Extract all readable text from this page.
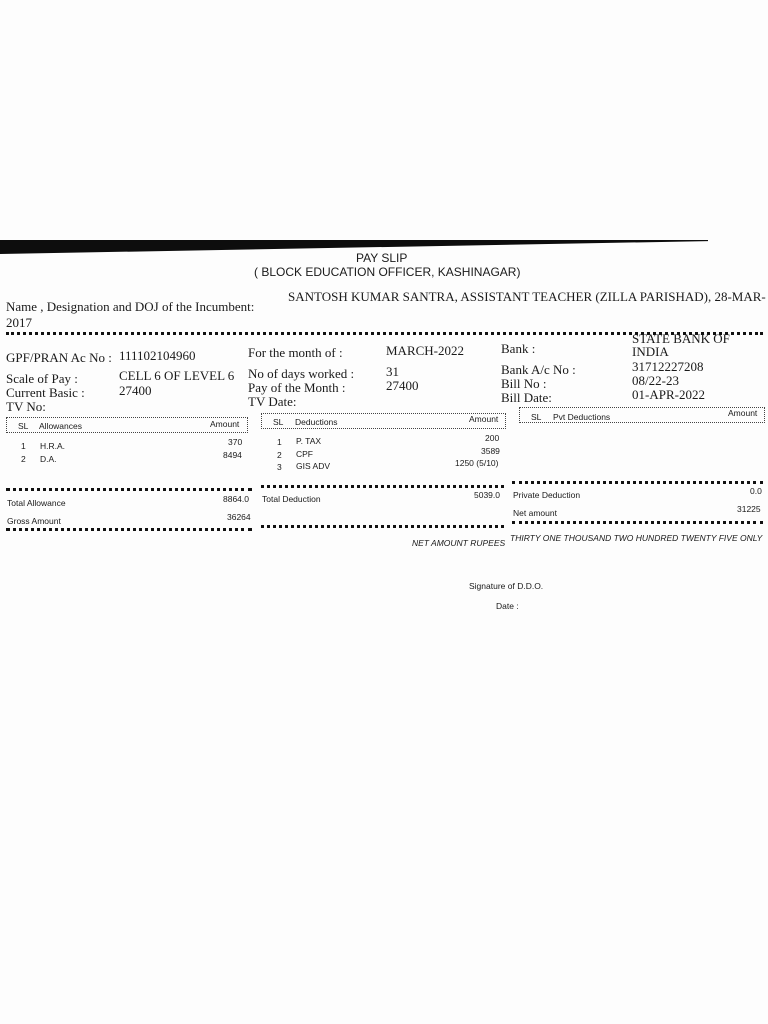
PAY SLIP
( BLOCK EDUCATION OFFICER, KASHINAGAR)
Name , Designation and DOJ of the Incumbent:
SANTOSH KUMAR SANTRA, ASSISTANT TEACHER (ZILLA PARISHAD), 28-MAR-
2017
GPF/PRAN Ac No : 111102104960
Scale of Pay :	CELL 6 OF LEVEL 6
Current Basic :	27400
TV No:
For the month of :	MARCH-2022
No of days worked : 31
Pay of the Month :	27400
TV Date:
Bank :
STATE BANK OF
INDIA
Bank A/c No :	31712227208
Bill No :	08/22-23
Bill Date:	01-APR-2022
SL Allowances	Amount	SL Deductions	Amount	SL Pvt Deductions	Amount
1 H.R.A.	370
2 D.A.	8494
1 P. TAX	200
2 CPF	3589
3 GIS ADV	1250 (5/10)
Total Allowance	8864.0
Gross Amount	36264
Total Deduction	5039.0 Private Deduction	0.0
Net amount	31225
NET AMOUNT RUPEES THIRTY ONE THOUSAND TWO HUNDRED TWENTY FIVE ONLY
Signature of D.D.O.
Date :
